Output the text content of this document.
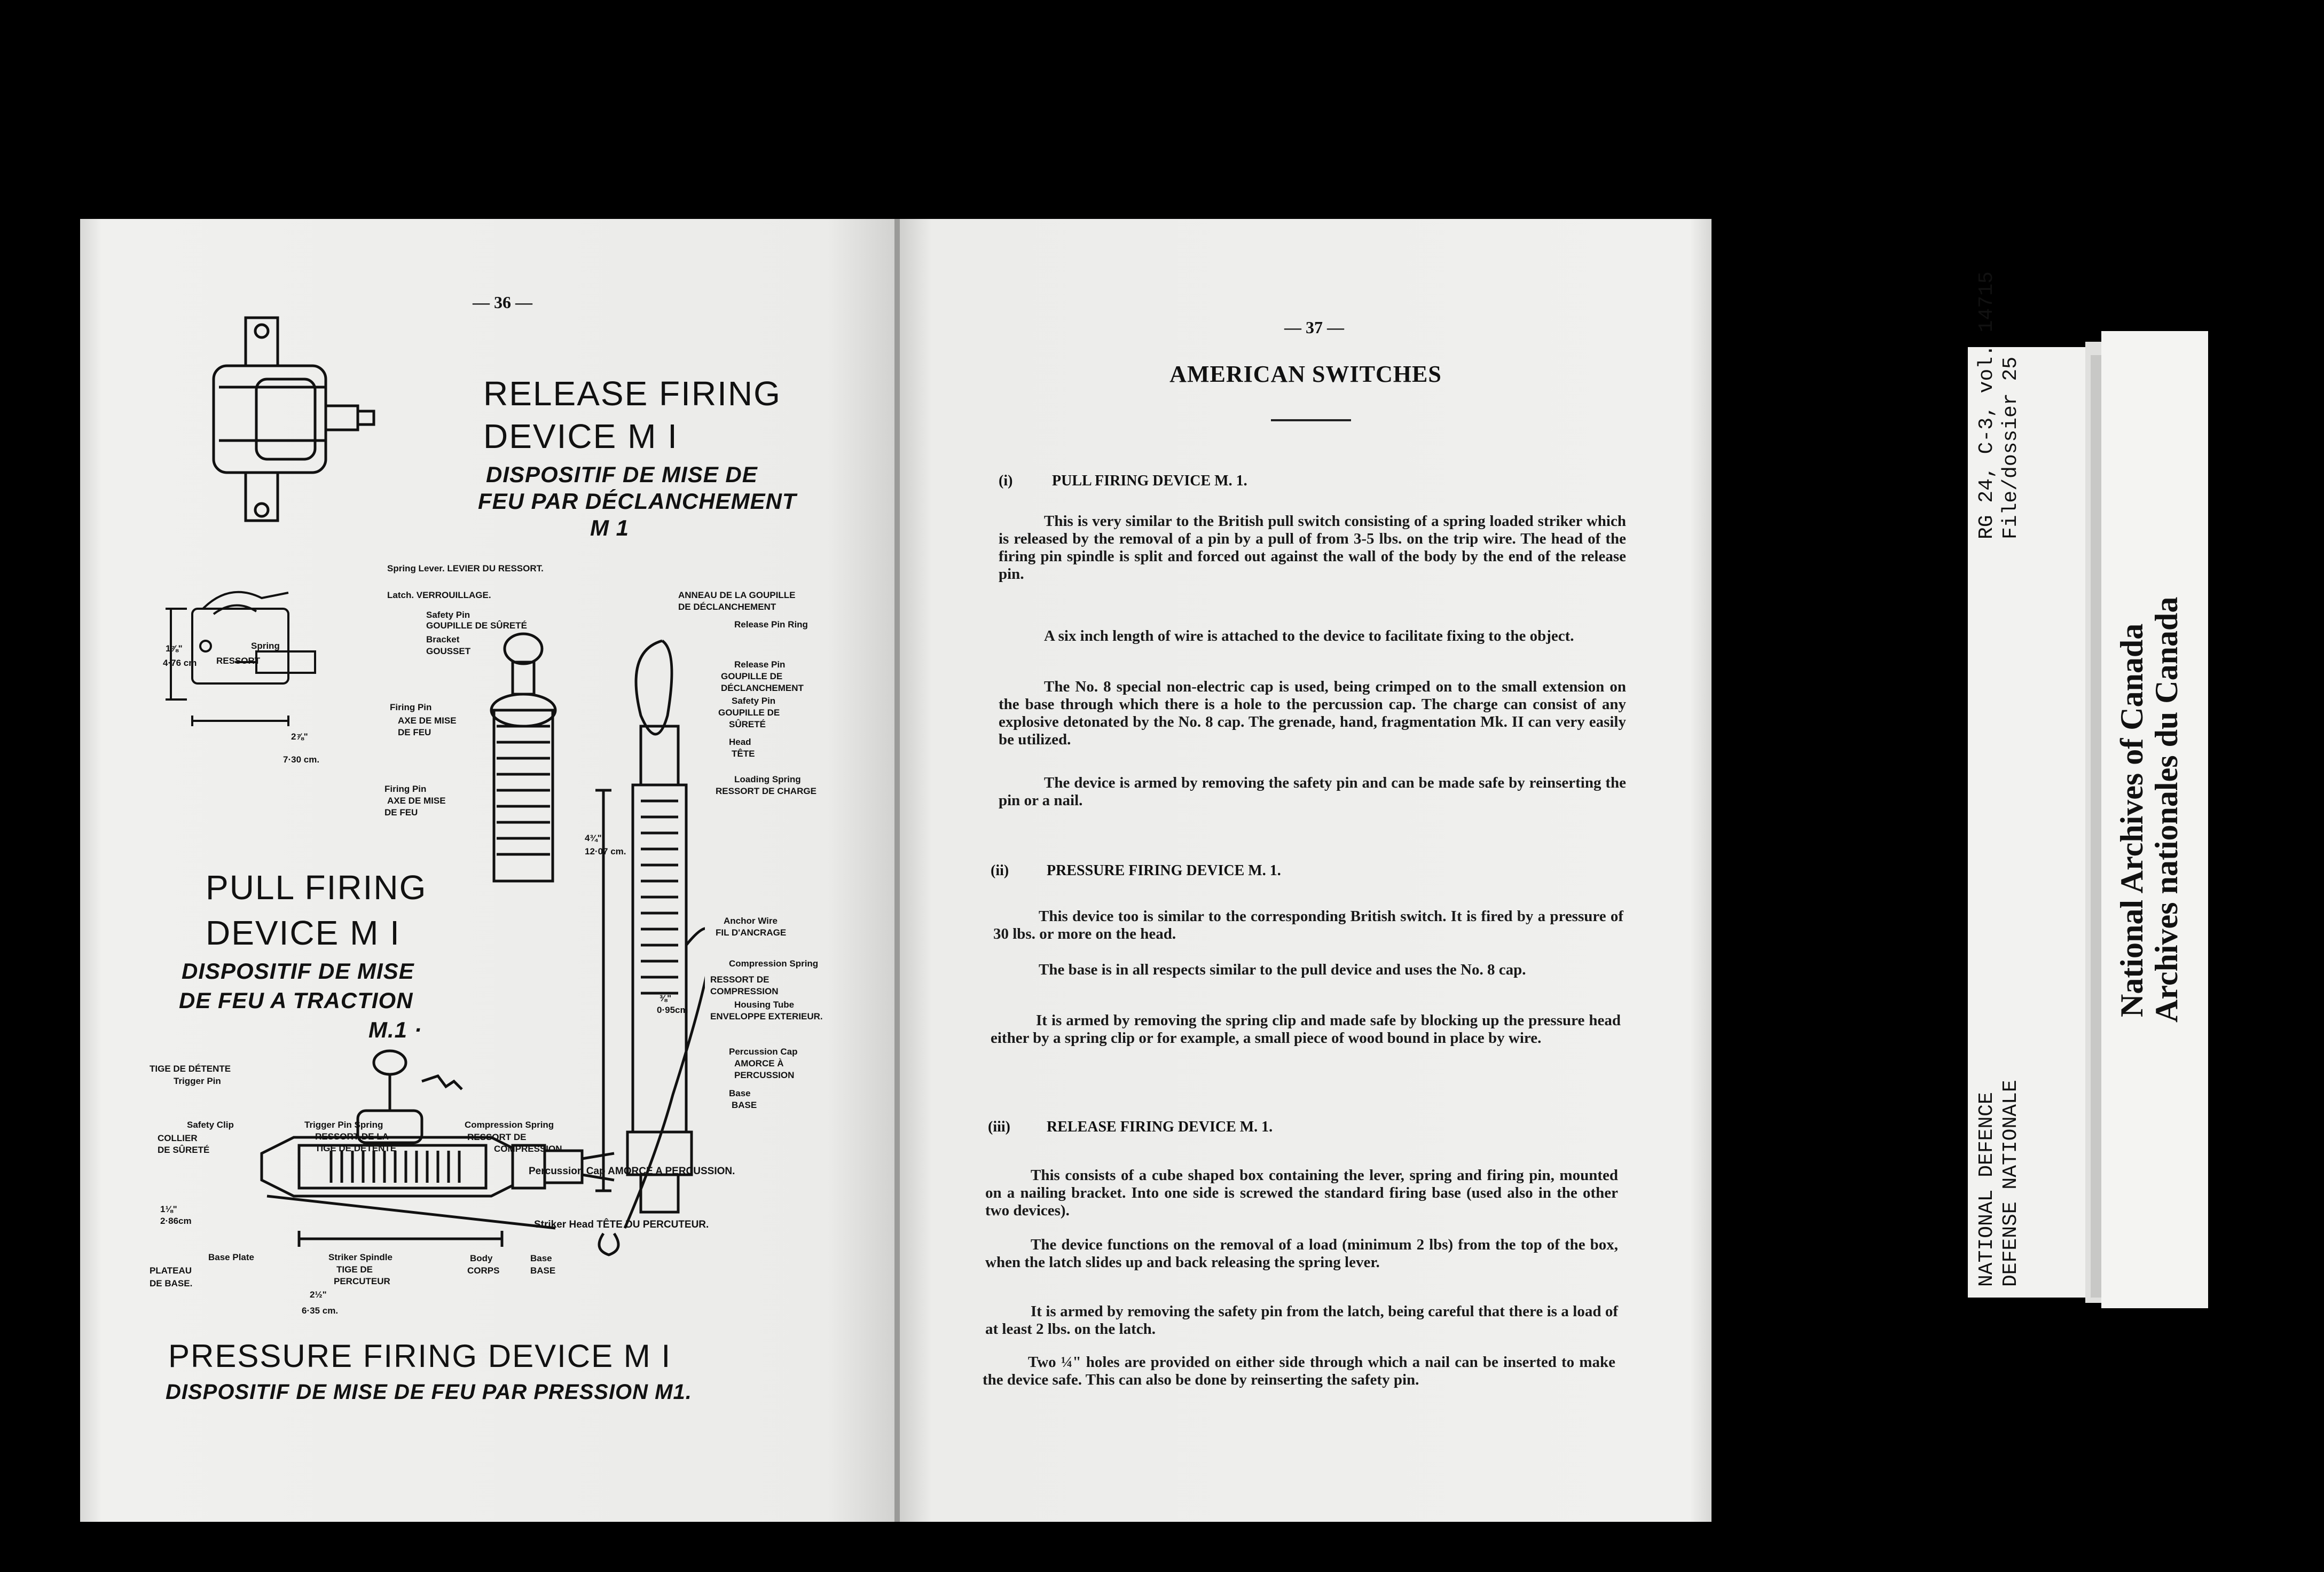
— 36 —
RELEASE FIRING
DEVICE M I
DISPOSITIF DE MISE DE
FEU PAR DÉCLANCHEMENT
M 1
Spring Lever. LEVIER DU RESSORT.
Latch. VERROUILLAGE.
Safety Pin
GOUPILLE DE SÛRETÉ
Bracket
GOUSSET
Spring
RESSORT
Firing Pin
AXE DE MISE
DE FEU
1⅞"
4·76 cm
2⅞"
7·30 cm.
ANNEAU DE LA GOUPILLE
DE DÉCLANCHEMENT
Release Pin Ring
Release Pin
GOUPILLE DE
DÉCLANCHEMENT
Safety Pin
GOUPILLE DE
SÛRETÉ
Head
TÊTE
Loading Spring
RESSORT DE CHARGE
Firing Pin
AXE DE MISE
DE FEU
4¾"
12·07 cm.
Anchor Wire
FIL D'ANCRAGE
Compression Spring
RESSORT DE
COMPRESSION
Housing Tube
ENVELOPPE EXTERIEUR.
⅜"
0·95cm
Percussion Cap
AMORCE À
PERCUSSION
Base
BASE
PULL FIRING
DEVICE M I
DISPOSITIF DE MISE
DE FEU A TRACTION
M.1 ·
TIGE DE DÉTENTE
Trigger Pin
Safety Clip
COLLIER
DE SÛRETÉ
Trigger Pin Spring
RESSORT DE LA
TIGE DE DÉTENTE
Compression Spring
RESSORT DE
COMPRESSION.
Percussion Cap AMORCE A PERCUSSION.
Striker Head TÊTE DU PERCUTEUR.
1⅛"
2·86cm
Base Plate
PLATEAU
DE BASE.
Striker Spindle
TIGE DE
PERCUTEUR
Body
CORPS
Base
BASE
2½"
6·35 cm.
PRESSURE FIRING DEVICE M I
DISPOSITIF DE MISE DE FEU PAR PRESSION M1.
— 37 —
AMERICAN SWITCHES
(i)	PULL FIRING DEVICE M. 1.
This is very similar to the British pull switch consisting of a spring loaded striker which is released by the removal of a pin by a pull of from 3-5 lbs. on the trip wire. The head of the firing pin spindle is split and forced out against the wall of the body by the end of the release pin.
A six inch length of wire is attached to the device to facilitate fixing to the object.
The No. 8 special non-electric cap is used, being crimped on to the small extension on the base through which there is a hole to the percussion cap. The charge can consist of any explosive detonated by the No. 8 cap. The grenade, hand, fragmentation Mk. II can very easily be utilized.
The device is armed by removing the safety pin and can be made safe by reinserting the pin or a nail.
(ii)	PRESSURE FIRING DEVICE M. 1.
This device too is similar to the corresponding British switch. It is fired by a pressure of 30 lbs. or more on the head.
The base is in all respects similar to the pull device and uses the No. 8 cap.
It is armed by removing the spring clip and made safe by blocking up the pressure head either by a spring clip or for example, a small piece of wood bound in place by wire.
(iii) RELEASE FIRING DEVICE M. 1.
This consists of a cube shaped box containing the lever, spring and firing pin, mounted on a nailing bracket. Into one side is screwed the standard firing base (used also in the other two devices).
The device functions on the removal of a load (minimum 2 lbs) from the top of the box, when the latch slides up and back releasing the spring lever.
It is armed by removing the safety pin from the latch, being careful that there is a load of at least 2 lbs. on the latch.
Two ¼" holes are provided on either side through which a nail can be inserted to make the device safe. This can also be done by reinserting the safety pin.
RG 24, C-3, vol. 14715 File/dossier 25
NATIONAL DEFENCE DEFENSE NATIONALE
National Archives of Canada Archives nationales du Canada
